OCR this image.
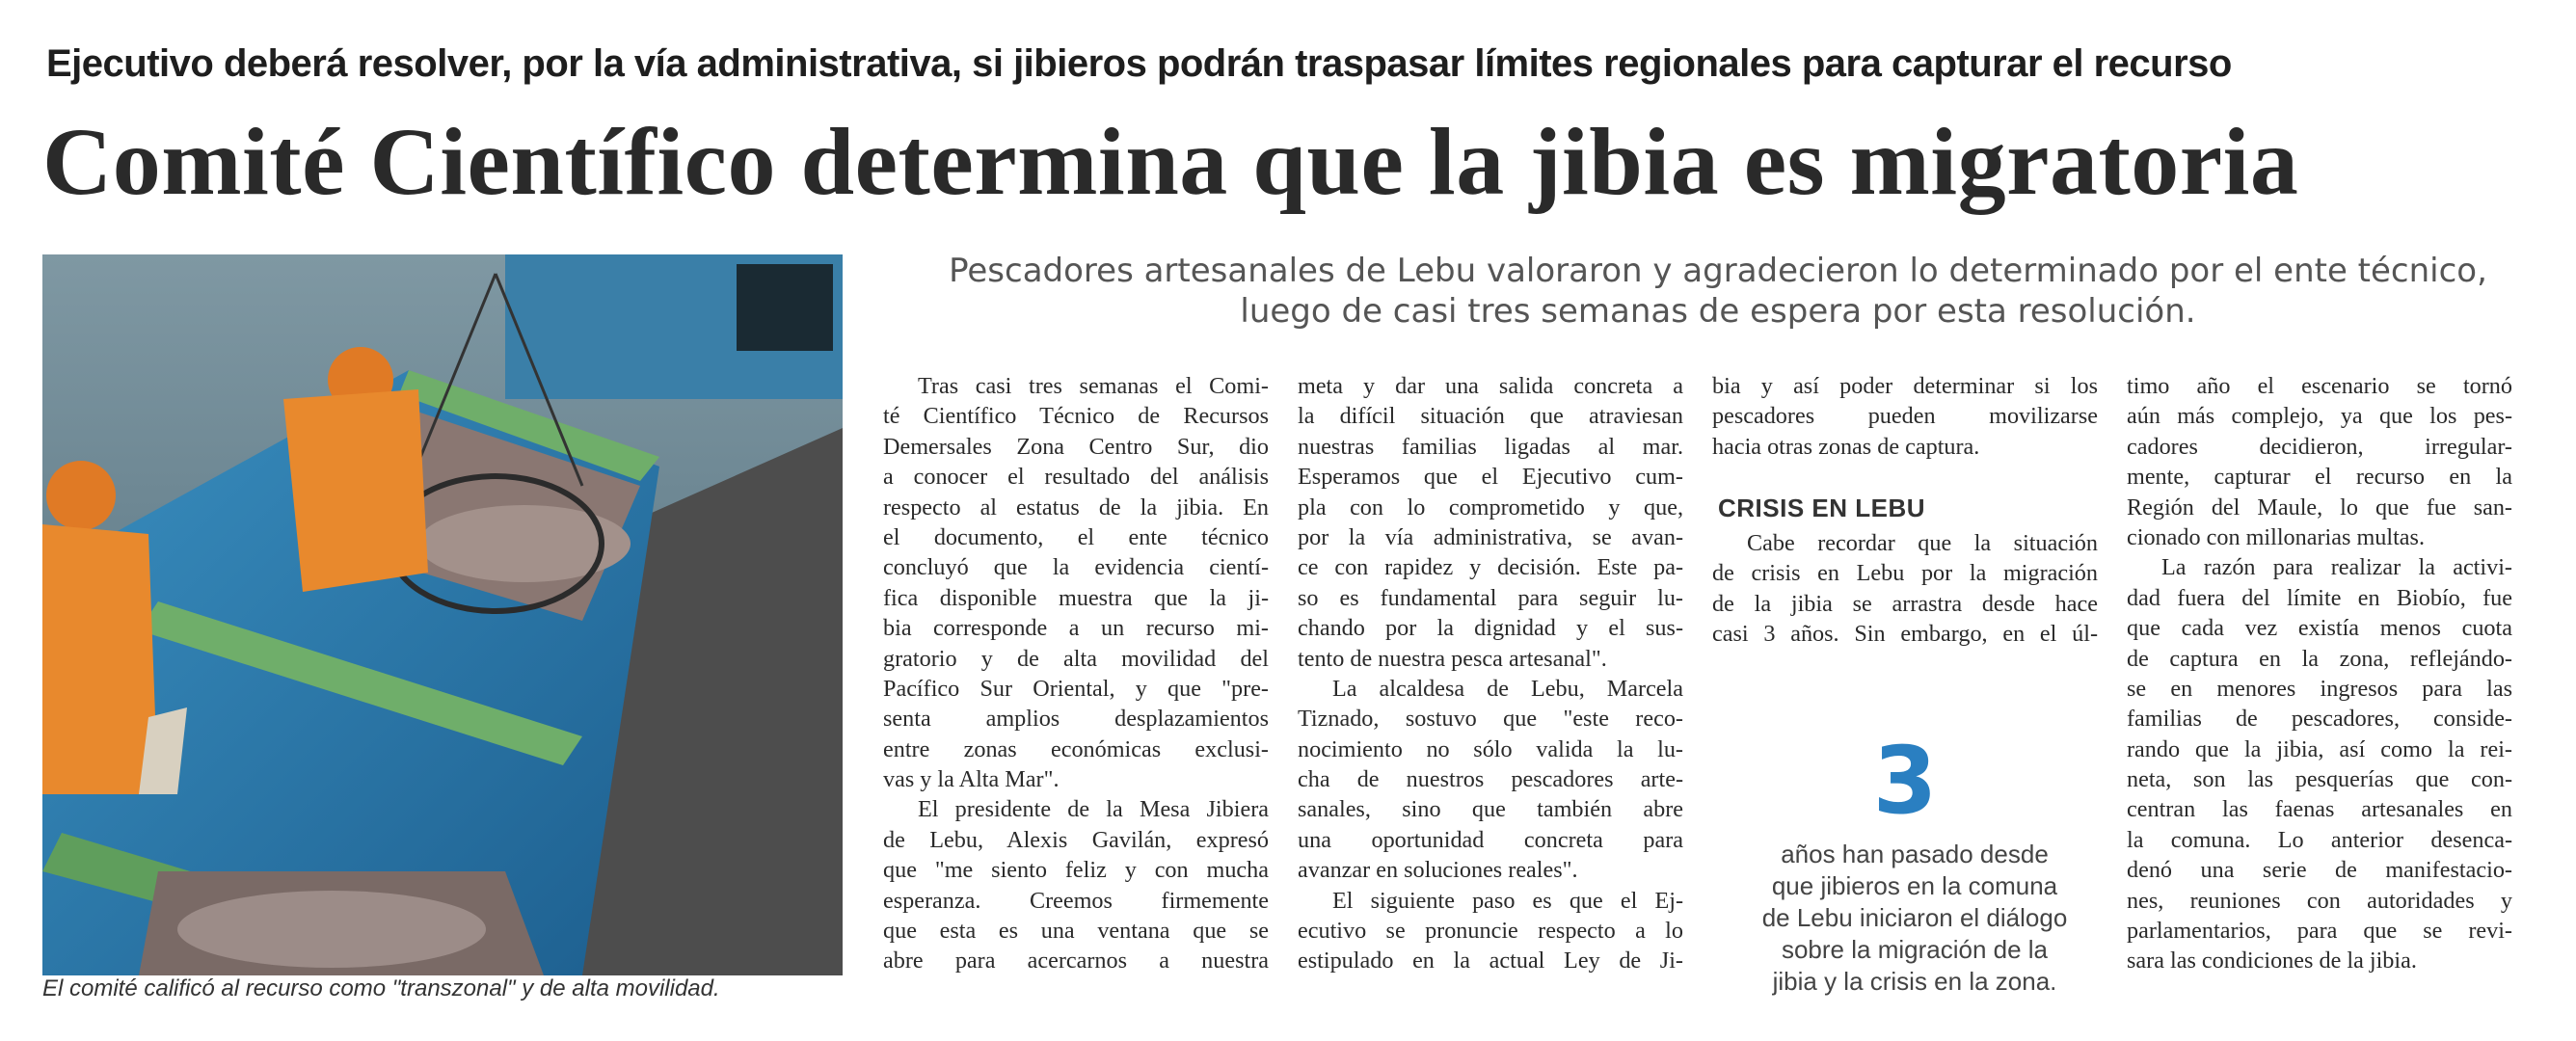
Ejecutivo deberá resolver, por la vía administrativa, si jibieros podrán traspasar límites regionales para capturar el recurso
Comité Científico determina que la jibia es migratoria
El comité calificó al recurso como "transzonal" y de alta movilidad.

Pescadores artesanales de Lebu valoraron y agradecieron lo determinado por el ente técnico,

luego de casi tres semanas de espera por esta resolución.

Tras casi tres semanas el Comi-
té Científico Técnico de Recursos
Demersales Zona Centro Sur, dio
a conocer el resultado del análisis
respecto al estatus de la jibia. En
el documento, el ente técnico
concluyó que la evidencia cientí-
fica disponible muestra que la ji-
bia corresponde a un recurso mi-
gratorio y de alta movilidad del
Pacífico Sur Oriental, y que "pre-
senta amplios desplazamientos
entre zonas económicas exclusi-
vas y la Alta Mar".
El presidente de la Mesa Jibiera
de Lebu, Alexis Gavilán, expresó
que "me siento feliz y con mucha
esperanza. Creemos firmemente
que esta es una ventana que se
abre para acercarnos a nuestra
meta y dar una salida concreta a
la difícil situación que atraviesan
nuestras familias ligadas al mar.
Esperamos que el Ejecutivo cum-
pla con lo comprometido y que,
por la vía administrativa, se avan-
ce con rapidez y decisión. Este pa-
so es fundamental para seguir lu-
chando por la dignidad y el sus-
tento de nuestra pesca artesanal".
La alcaldesa de Lebu, Marcela
Tiznado, sostuvo que "este reco-
nocimiento no sólo valida la lu-
cha de nuestros pescadores arte-
sanales, sino que también abre
una oportunidad concreta para
avanzar en soluciones reales".
El siguiente paso es que el Ej-
ecutivo se pronuncie respecto a lo
estipulado en la actual Ley de Ji-
bia y así poder determinar si los
pescadores pueden movilizarse
hacia otras zonas de captura.
CRISIS EN LEBU
Cabe recordar que la situación
de crisis en Lebu por la migración
de la jibia se arrastra desde hace
casi 3 años. Sin embargo, en el úl-
3
años han pasado desde
que jibieros en la comuna
de Lebu iniciaron el diálogo
sobre la migración de la
jibia y la crisis en la zona.
timo año el escenario se tornó
aún más complejo, ya que los pes-
cadores decidieron, irregular-
mente, capturar el recurso en la
Región del Maule, lo que fue san-
cionado con millonarias multas.
La razón para realizar la activi-
dad fuera del límite en Biobío, fue
que cada vez existía menos cuota
de captura en la zona, reflejándo-
se en menores ingresos para las
familias de pescadores, conside-
rando que la jibia, así como la rei-
neta, son las pesquerías que con-
centran las faenas artesanales en
la comuna. Lo anterior desenca-
denó una serie de manifestacio-
nes, reuniones con autoridades y
parlamentarios, para que se revi-
sara las condiciones de la jibia.
